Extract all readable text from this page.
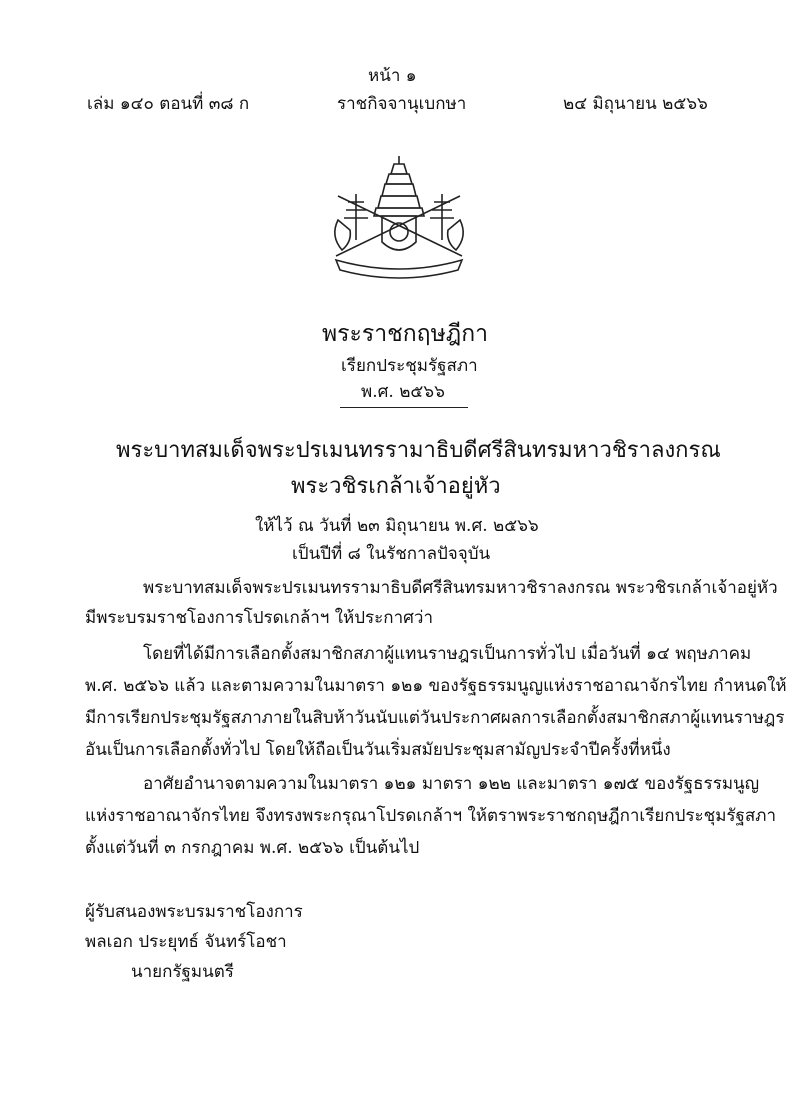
หน้า ๑
เล่ม ๑๔๐ ตอนที่ ๓๘ ก	ราชกิจจานุเบกษา	๒๔ มิถุนายน ๒๕๖๖
พระราชกฤษฎีกา
เรียกประชุมรัฐสภา
พ.ศ. ๒๕๖๖
พระบาทสมเด็จพระปรเมนทรรามาธิบดีศรีสินทรมหาวชิราลงกรณ
พระวชิรเกล้าเจ้าอยู่หัว
ให้ไว้ ณ วันที่ ๒๓ มิถุนายน พ.ศ. ๒๕๖๖
เป็นปีที่ ๘ ในรัชกาลปัจจุบัน
พระบาทสมเด็จพระปรเมนทรรามาธิบดีศรีสินทรมหาวชิราลงกรณ พระวชิรเกล้าเจ้าอยู่หัว
มีพระบรมราชโองการโปรดเกล้าฯ ให้ประกาศว่า
โดยที่ได้มีการเลือกตั้งสมาชิกสภาผู้แทนราษฎรเป็นการทั่วไป เมื่อวันที่ ๑๔ พฤษภาคม
พ.ศ. ๒๕๖๖ แล้ว และตามความในมาตรา ๑๒๑ ของรัฐธรรมนูญแห่งราชอาณาจักรไทย กำหนดให้
มีการเรียกประชุมรัฐสภาภายในสิบห้าวันนับแต่วันประกาศผลการเลือกตั้งสมาชิกสภาผู้แทนราษฎร
อันเป็นการเลือกตั้งทั่วไป โดยให้ถือเป็นวันเริ่มสมัยประชุมสามัญประจำปีครั้งที่หนึ่ง
อาศัยอำนาจตามความในมาตรา ๑๒๑ มาตรา ๑๒๒ และมาตรา ๑๗๕ ของรัฐธรรมนูญ
แห่งราชอาณาจักรไทย จึงทรงพระกรุณาโปรดเกล้าฯ ให้ตราพระราชกฤษฎีกาเรียกประชุมรัฐสภา
ตั้งแต่วันที่ ๓ กรกฎาคม พ.ศ. ๒๕๖๖ เป็นต้นไป
ผู้รับสนองพระบรมราชโองการ
พลเอก ประยุทธ์ จันทร์โอชา
นายกรัฐมนตรี
